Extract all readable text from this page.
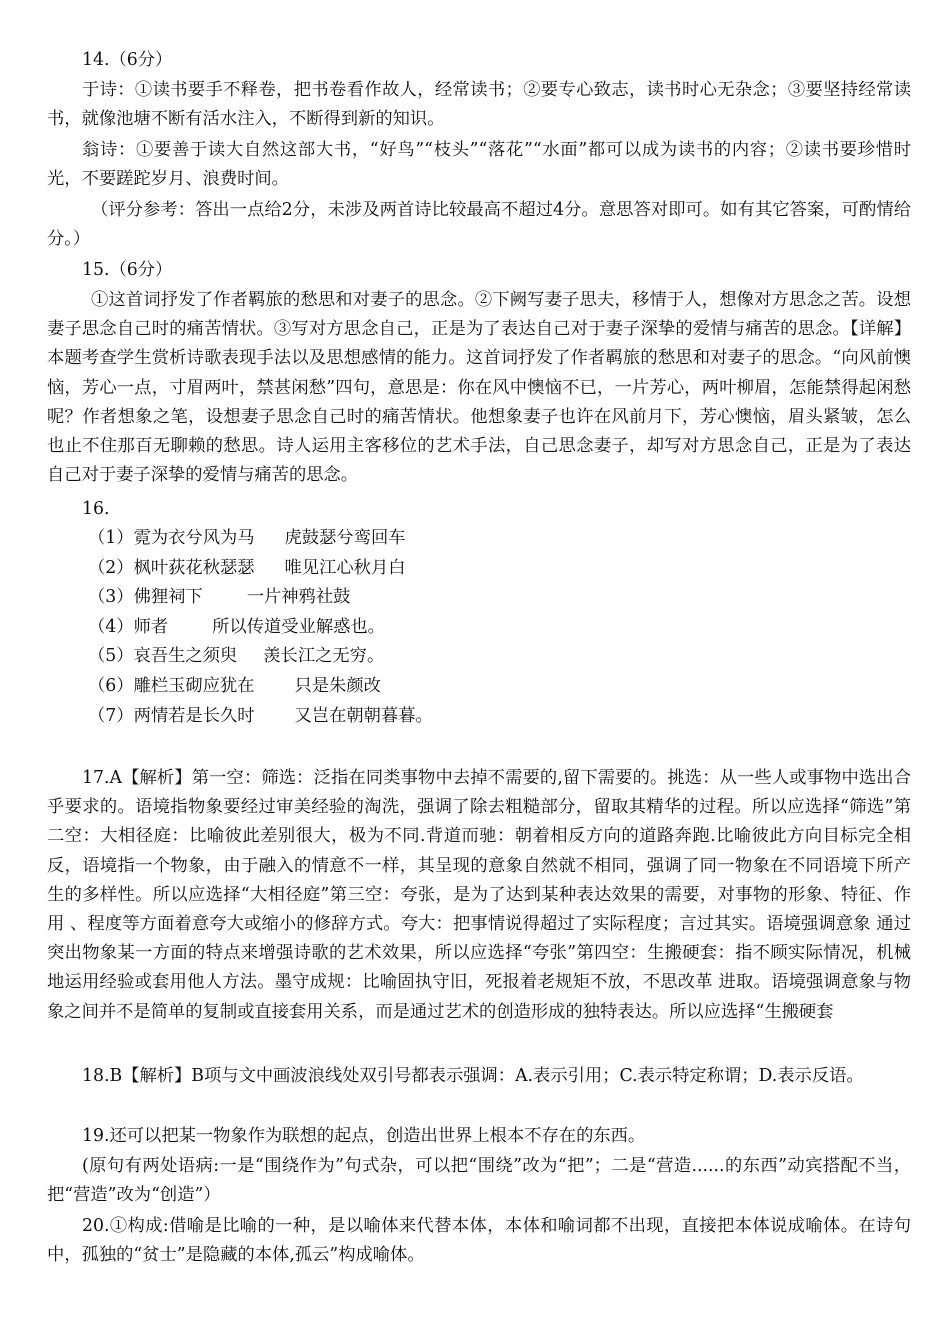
14.（6分）

于诗：①读书要手不释卷，把书卷看作故人，经常读书；②要专心致志，读书时心无杂念；③要坚持经常读书，就像池塘不断有活水注入，不断得到新的知识。

翁诗：①要善于读大自然这部大书，“好鸟”“枝头”“落花”“水面”都可以成为读书的内容；②读书要珍惜时光，不要蹉跎岁月、浪费时间。

（评分参考：答出一点给2分，未涉及两首诗比较最高不超过4分。意思答对即可。如有其它答案，可酌情给分。）

15.（6分）

①这首词抒发了作者羁旅的愁思和对妻子的思念。②下阙写妻子思夫，移情于人，想像对方思念之苦。设想妻子思念自己时的痛苦情状。③写对方思念自己，正是为了表达自己对于妻子深挚的爱情与痛苦的思念。【详解】本题考查学生赏析诗歌表现手法以及思想感情的能力。这首词抒发了作者羁旅的愁思和对妻子的思念。“向风前懊恼，芳心一点，寸眉两叶，禁甚闲愁”四句，意思是：你在风中懊恼不已，一片芳心，两叶柳眉，怎能禁得起闲愁呢？作者想象之笔，设想妻子思念自己时的痛苦情状。他想象妻子也许在风前月下，芳心懊恼，眉头紧皱，怎么也止不住那百无聊赖的愁思。诗人运用主客移位的艺术手法，自己思念妻子，却写对方思念自己，正是为了表达自己对于妻子深挚的爱情与痛苦的思念。

16.

（1）霓为衣兮风为马 虎鼓瑟兮鸾回车
（2）枫叶荻花秋瑟瑟 唯见江心秋月白
（3）佛狸祠下	一片神鸦社鼓
（4）师者	所以传道受业解惑也。
（5）哀吾生之须臾 羡长江之无穷。
（6）雕栏玉砌应犹在 只是朱颜改
（7）两情若是长久时 又岂在朝朝暮暮。

17.A【解析】第一空：筛选：泛指在同类事物中去掉不需要的,留下需要的。挑选：从一些人或事物中选出合乎要求的。语境指物象要经过审美经验的淘洗，强调了除去粗糙部分，留取其精华的过程。所以应选择“筛选”第二空：大相径庭：比喻彼此差别很大，极为不同.背道而驰：朝着相反方向的道路奔跑.比喻彼此方向目标完全相反，语境指一个物象，由于融入的情意不一样，其呈现的意象自然就不相同，强调了同一物象在不同语境下所产生的多样性。所以应选择“大相径庭”第三空：夸张，是为了达到某种表达效果的需要，对事物的形象、特征、作用 、程度等方面着意夸大或缩小的修辞方式。夸大：把事情说得超过了实际程度；言过其实。语境强调意象 通过突出物象某一方面的特点来增强诗歌的艺术效果，所以应选择“夸张”第四空：生搬硬套：指不顾实际情况，机械地运用经验或套用他人方法。墨守成规：比喻固执守旧，死报着老规矩不放，不思改革 进取。语境强调意象与物象之间并不是简单的复制或直接套用关系，而是通过艺术的创造形成的独特表达。所以应选择“生搬硬套

18.B【解析】B项与文中画波浪线处双引号都表示强调：A.表示引用；C.表示特定称谓；D.表示反语。

19.还可以把某一物象作为联想的起点，创造出世界上根本不存在的东西。

(原句有两处语病:一是“围绕作为”句式杂，可以把“围绕”改为“把”；二是“营造......的东西”动宾搭配不当，把“营造”改为“创造”）

20.①构成:借喻是比喻的一种，是以喻体来代替本体，本体和喻词都不出现，直接把本体说成喻体。在诗句中，孤独的“贫士”是隐藏的本体,孤云”构成喻体。
